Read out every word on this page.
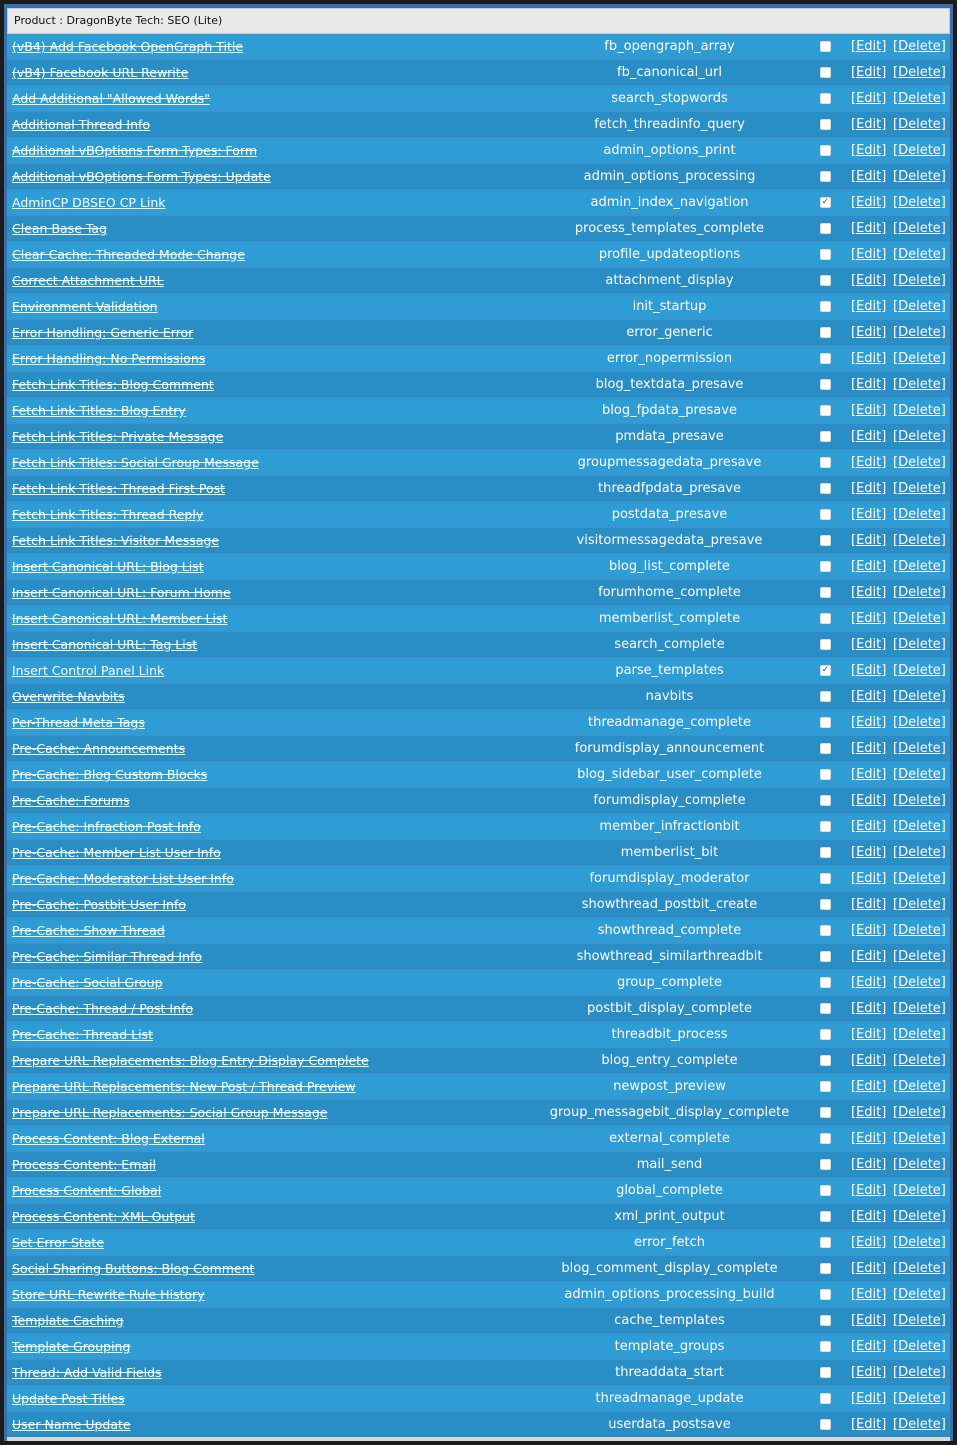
Product : DragonByte Tech: SEO (Lite)
(vB4) Add Facebook OpenGraph Title	fb_opengraph_array	[Edit] [Delete]
(vB4) Facebook URL Rewrite	fb_canonical_url	[Edit] [Delete]
Add Additional "Allowed Words"	search_stopwords	[Edit] [Delete]
Additional Thread Info	fetch_threadinfo_query	[Edit] [Delete]
Additional vBOptions Form Types: Form	admin_options_print	[Edit] [Delete]
Additional vBOptions Form Types: Update	admin_options_processing	[Edit] [Delete]
AdminCP DBSEO CP Link	admin_index_navigation	✓ [Edit] [Delete]
Clean Base Tag	process_templates_complete	[Edit] [Delete]
Clear Cache: Threaded Mode Change	profile_updateoptions	[Edit] [Delete]
Correct Attachment URL	attachment_display	[Edit] [Delete]
Environment Validation	init_startup	[Edit] [Delete]
Error Handling: Generic Error	error_generic	[Edit] [Delete]
Error Handling: No Permissions	error_nopermission	[Edit] [Delete]
Fetch Link Titles: Blog Comment	blog_textdata_presave	[Edit] [Delete]
Fetch Link Titles: Blog Entry	blog_fpdata_presave	[Edit] [Delete]
Fetch Link Titles: Private Message	pmdata_presave	[Edit] [Delete]
Fetch Link Titles: Social Group Message	groupmessagedata_presave	[Edit] [Delete]
Fetch Link Titles: Thread First Post	threadfpdata_presave	[Edit] [Delete]
Fetch Link Titles: Thread Reply	postdata_presave	[Edit] [Delete]
Fetch Link Titles: Visitor Message	visitormessagedata_presave	[Edit] [Delete]
Insert Canonical URL: Blog List	blog_list_complete	[Edit] [Delete]
Insert Canonical URL: Forum Home	forumhome_complete	[Edit] [Delete]
Insert Canonical URL: Member List	memberlist_complete	[Edit] [Delete]
Insert Canonical URL: Tag List	search_complete	[Edit] [Delete]
Insert Control Panel Link	parse_templates	✓ [Edit] [Delete]
Overwrite Navbits	navbits	[Edit] [Delete]
Per-Thread Meta Tags	threadmanage_complete	[Edit] [Delete]
Pre-Cache: Announcements	forumdisplay_announcement	[Edit] [Delete]
Pre-Cache: Blog Custom Blocks	blog_sidebar_user_complete	[Edit] [Delete]
Pre-Cache: Forums	forumdisplay_complete	[Edit] [Delete]
Pre-Cache: Infraction Post Info	member_infractionbit	[Edit] [Delete]
Pre-Cache: Member List User Info	memberlist_bit	[Edit] [Delete]
Pre-Cache: Moderator List User Info	forumdisplay_moderator	[Edit] [Delete]
Pre-Cache: Postbit User Info	showthread_postbit_create	[Edit] [Delete]
Pre-Cache: Show Thread	showthread_complete	[Edit] [Delete]
Pre-Cache: Similar Thread Info	showthread_similarthreadbit	[Edit] [Delete]
Pre-Cache: Social Group	group_complete	[Edit] [Delete]
Pre-Cache: Thread / Post Info	postbit_display_complete	[Edit] [Delete]
Pre-Cache: Thread List	threadbit_process	[Edit] [Delete]
Prepare URL Replacements: Blog Entry Display Complete	blog_entry_complete	[Edit] [Delete]
Prepare URL Replacements: New Post / Thread Preview	newpost_preview	[Edit] [Delete]
Prepare URL Replacements: Social Group Message	group_messagebit_display_complete	[Edit] [Delete]
Process Content: Blog External	external_complete	[Edit] [Delete]
Process Content: Email	mail_send	[Edit] [Delete]
Process Content: Global	global_complete	[Edit] [Delete]
Process Content: XML Output	xml_print_output	[Edit] [Delete]
Set Error State	error_fetch	[Edit] [Delete]
Social Sharing Buttons: Blog Comment	blog_comment_display_complete	[Edit] [Delete]
Store URL Rewrite Rule History	admin_options_processing_build	[Edit] [Delete]
Template Caching	cache_templates	[Edit] [Delete]
Template Grouping	template_groups	[Edit] [Delete]
Thread: Add Valid Fields	threaddata_start	[Edit] [Delete]
Update Post Titles	threadmanage_update	[Edit] [Delete]
User Name Update	userdata_postsave	[Edit] [Delete]
